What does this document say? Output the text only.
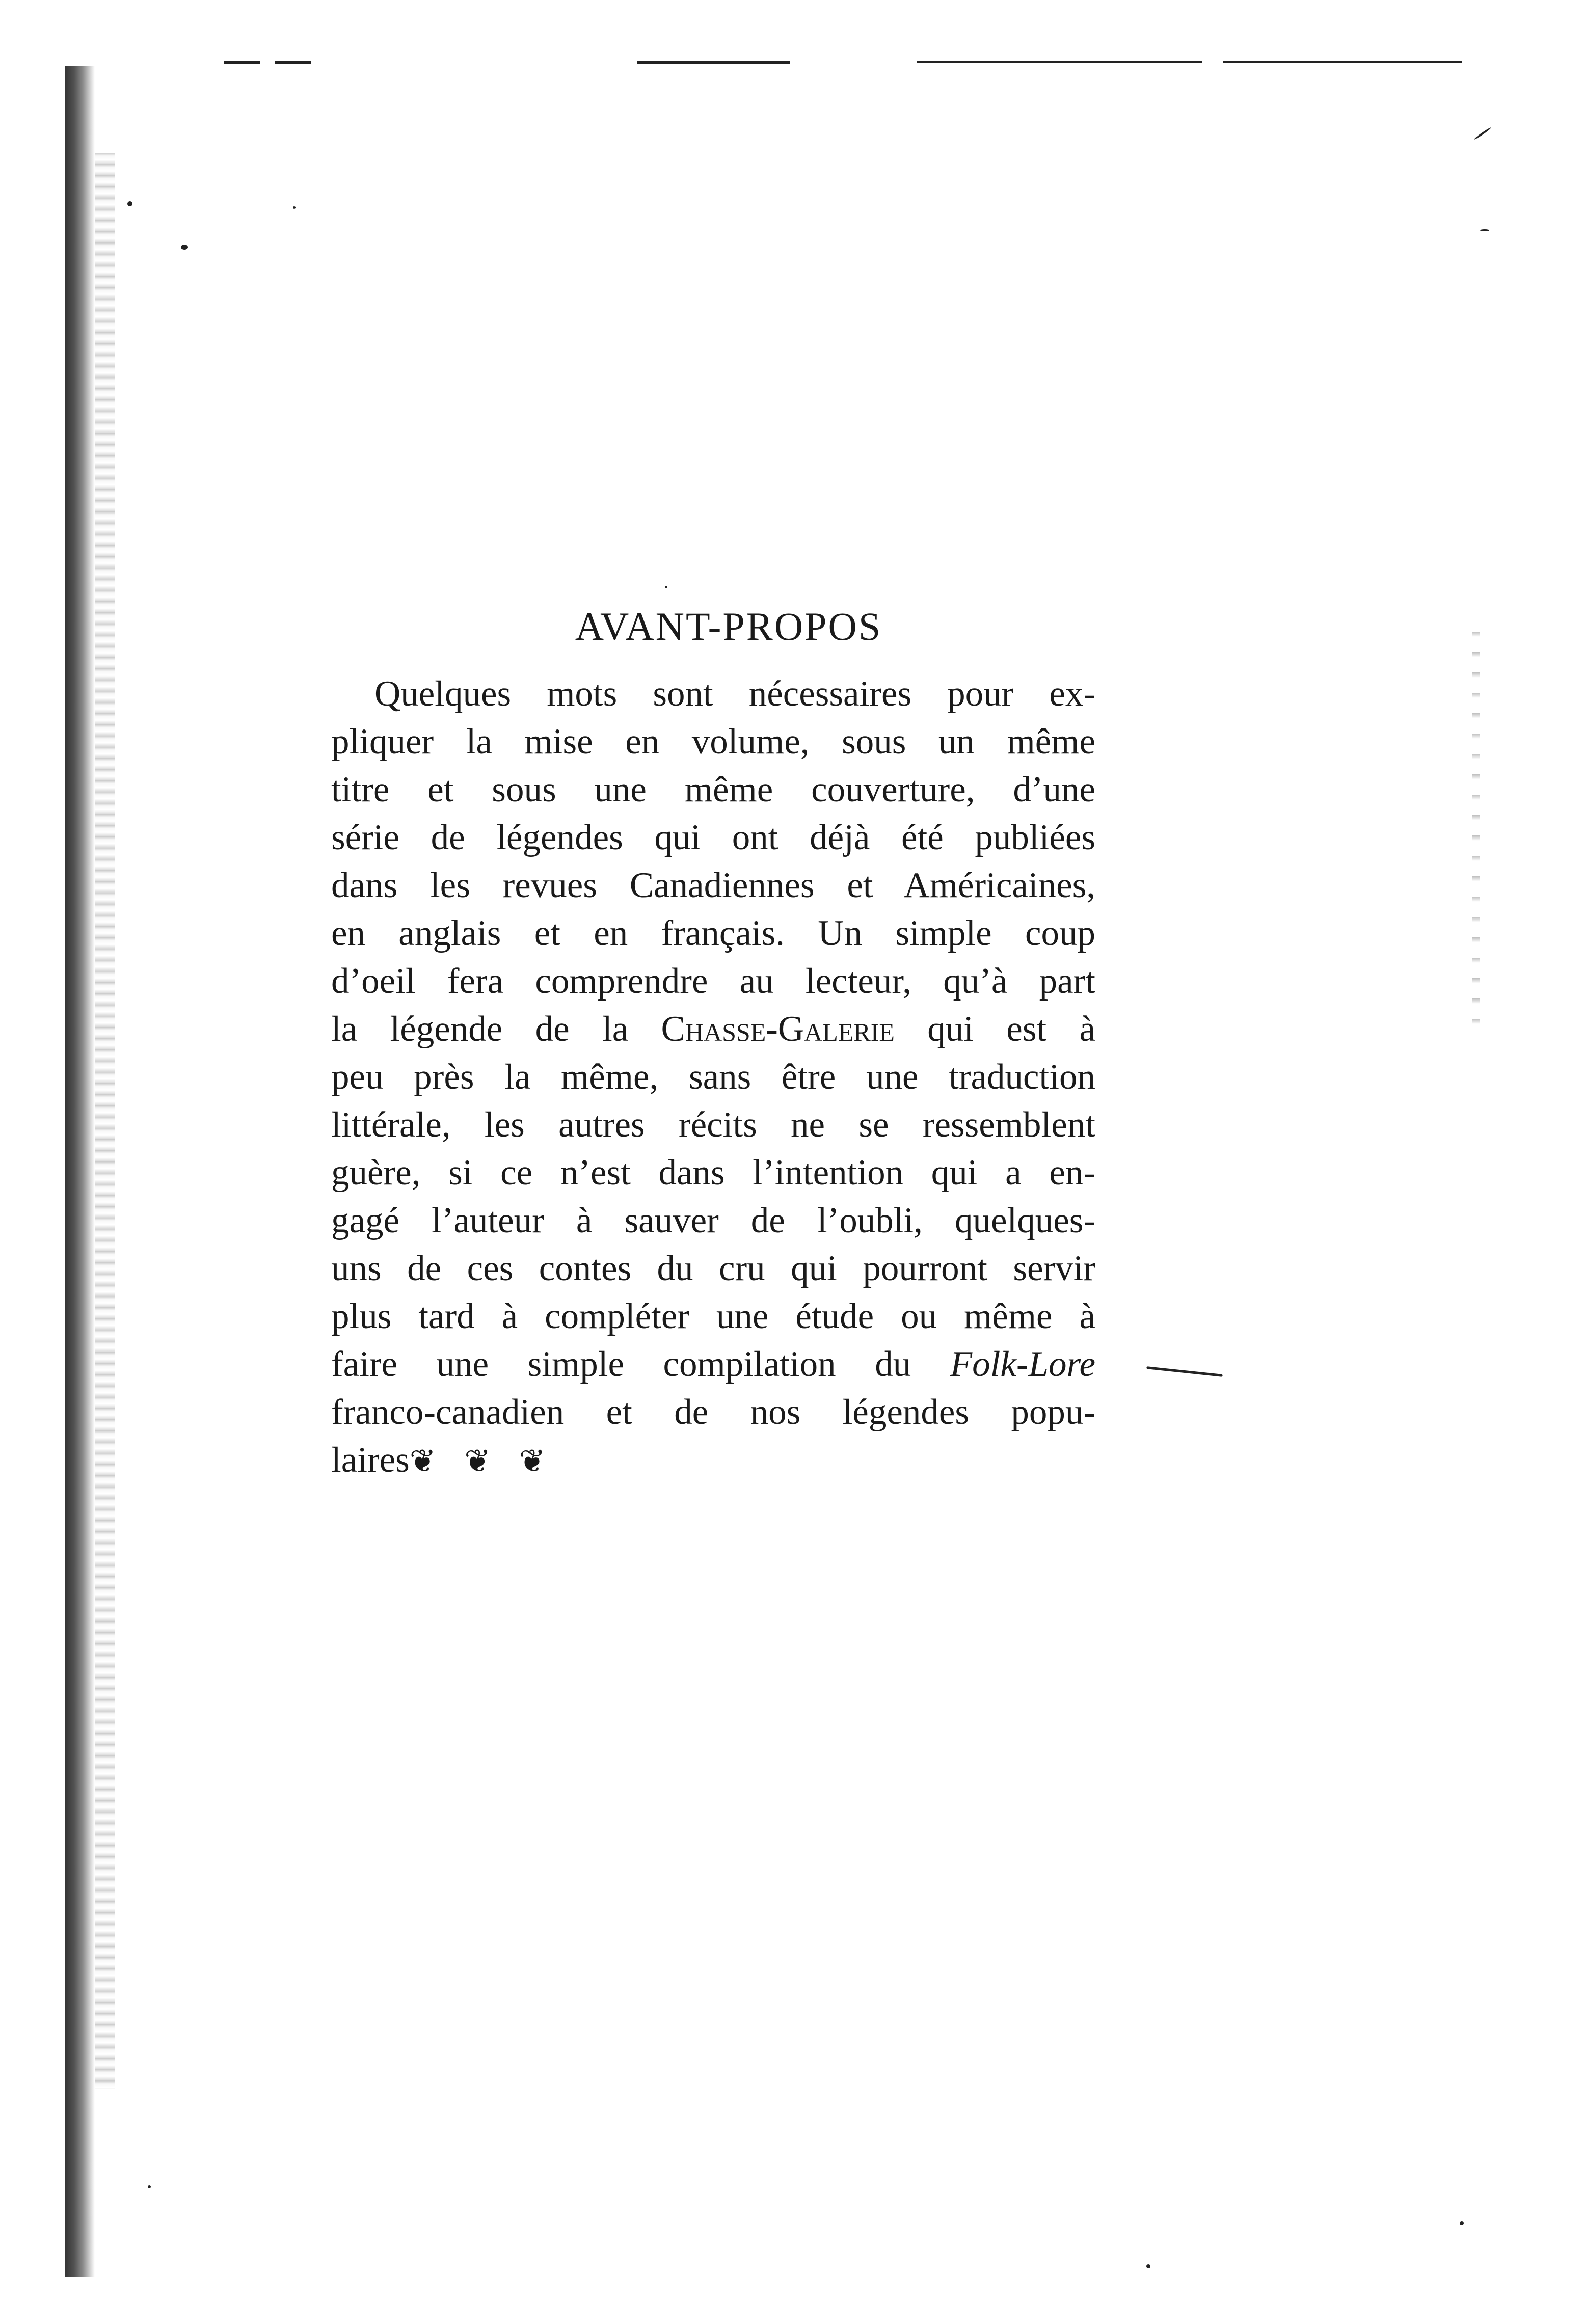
AVANT-PROPOS
Quelques mots sont nécessaires pour ex-
pliquer la mise en volume, sous un même
titre et sous une même couverture, d’une
série de légendes qui ont déjà été publiées
dans les revues Canadiennes et Américaines,
en anglais et en français. Un simple coup
d’oeil fera comprendre au lecteur, qu’à part
la légende de la Chasse-Galerie qui est à
peu près la même, sans être une traduction
littérale, les autres récits ne se ressemblent
guère, si ce n’est dans l’intention qui a en-
gagé l’auteur à sauver de l’oubli, quelques-
uns de ces contes du cru qui pourront servir
plus tard à compléter une étude ou même à
faire une simple compilation du Folk-Lore
franco-canadien et de nos légendes popu-
laires❦ ❦ ❦
